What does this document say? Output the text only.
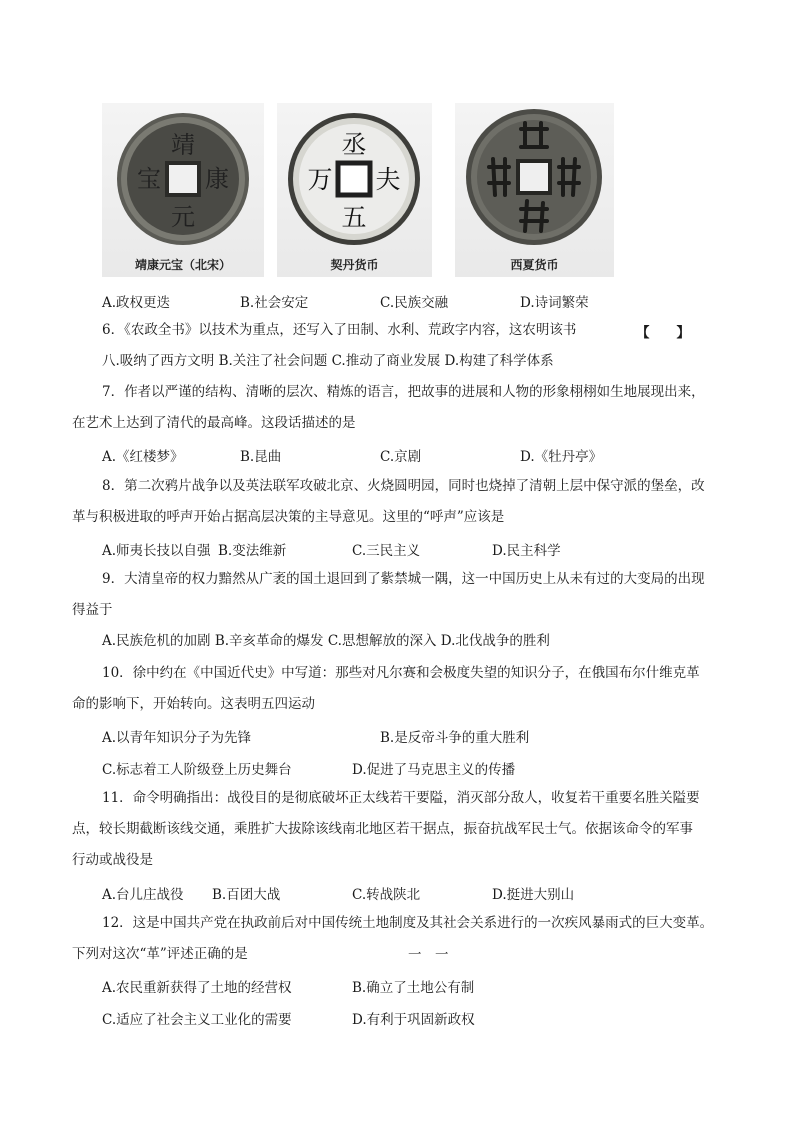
靖
康
元
宝
靖康元宝（北宋）
丞
夫
五
万
契丹货币	西夏货币
A.政权更迭	B.社会安定	C.民族交融	D.诗词繁荣
6．《农政全书》以技术为重点，还写入了田制、水利、荒政字内容，这农明该书	【　　】
八.吸纳了西方文明 B.关注了社会问题 C.推动了商业发展 D.构建了科学体系
7．作者以严谨的结构、清晰的层次、精炼的语言，把故事的进展和人物的形象栩栩如生地展现出来，
在艺术上达到了清代的最高峰。这段话描述的是
A.《红楼梦》	B.昆曲	C.京剧	D.《牡丹亭》
8．第二次鸦片战争以及英法联军攻破北京、火烧圆明园，同时也烧掉了清朝上层中保守派的堡垒，改
革与积极进取的呼声开始占据高层决策的主导意见。这里的“呼声”应该是
A.师夷长技以自强 B.变法维新	C.三民主义	D.民主科学
9．大清皇帝的权力黯然从广袤的国土退回到了紫禁城一隅，这一中国历史上从未有过的大变局的出现
得益于
A.民族危机的加剧 B.辛亥革命的爆发 C.思想解放的深入 D.北伐战争的胜利
10．徐中约在《中国近代史》中写道：那些对凡尔赛和会极度失望的知识分子，在俄国布尔什维克革
命的影响下，开始转向。这表明五四运动
A.以青年知识分子为先锋	B.是反帝斗争的重大胜利
C.标志着工人阶级登上历史舞台	D.促进了马克思主义的传播
11．命令明确指出：战役目的是彻底破坏正太线若干要隘，消灭部分敌人，收复若干重要名胜关隘要
点，较长期截断该线交通，乘胜扩大拔除该线南北地区若干据点，振奋抗战军民士气。依据该命令的军事
行动或战役是
A.台儿庄战役 B.百团大战	C.转战陕北	D.挺进大别山
12．这是中国共产党在执政前后对中国传统土地制度及其社会关系进行的一次疾风暴雨式的巨大变革。
下列对这次“革”评述正确的是	一　一
A.农民重新获得了土地的经营权	B.确立了土地公有制
C.适应了社会主义工业化的需要	D.有利于巩固新政权
